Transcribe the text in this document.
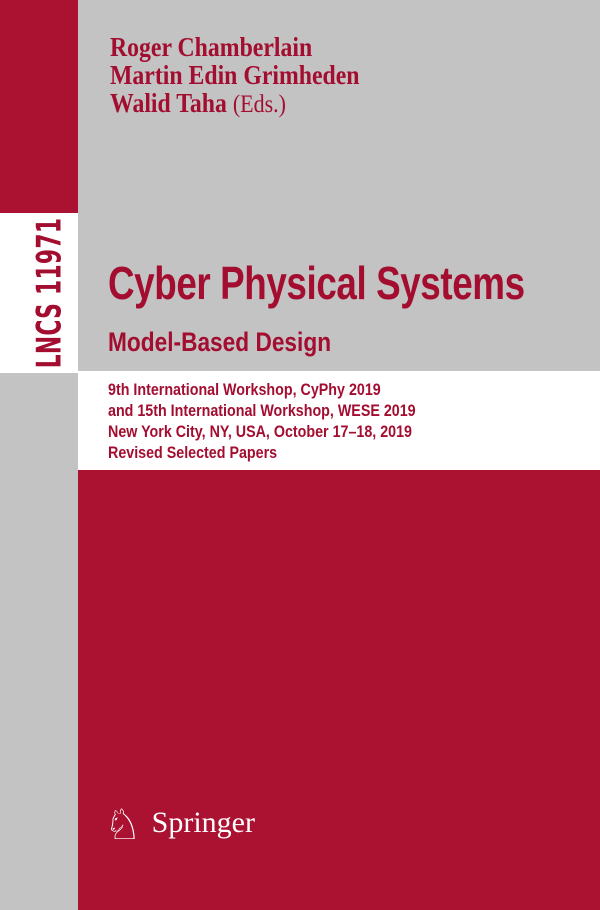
LNCS 11971
Roger Chamberlain
Martin Edin Grimheden
Walid Taha (Eds.)
Cyber Physical Systems
Model-Based Design
9th International Workshop, CyPhy 2019
and 15th International Workshop, WESE 2019
New York City, NY, USA, October 17–18, 2019
Revised Selected Papers
♘ Springer
